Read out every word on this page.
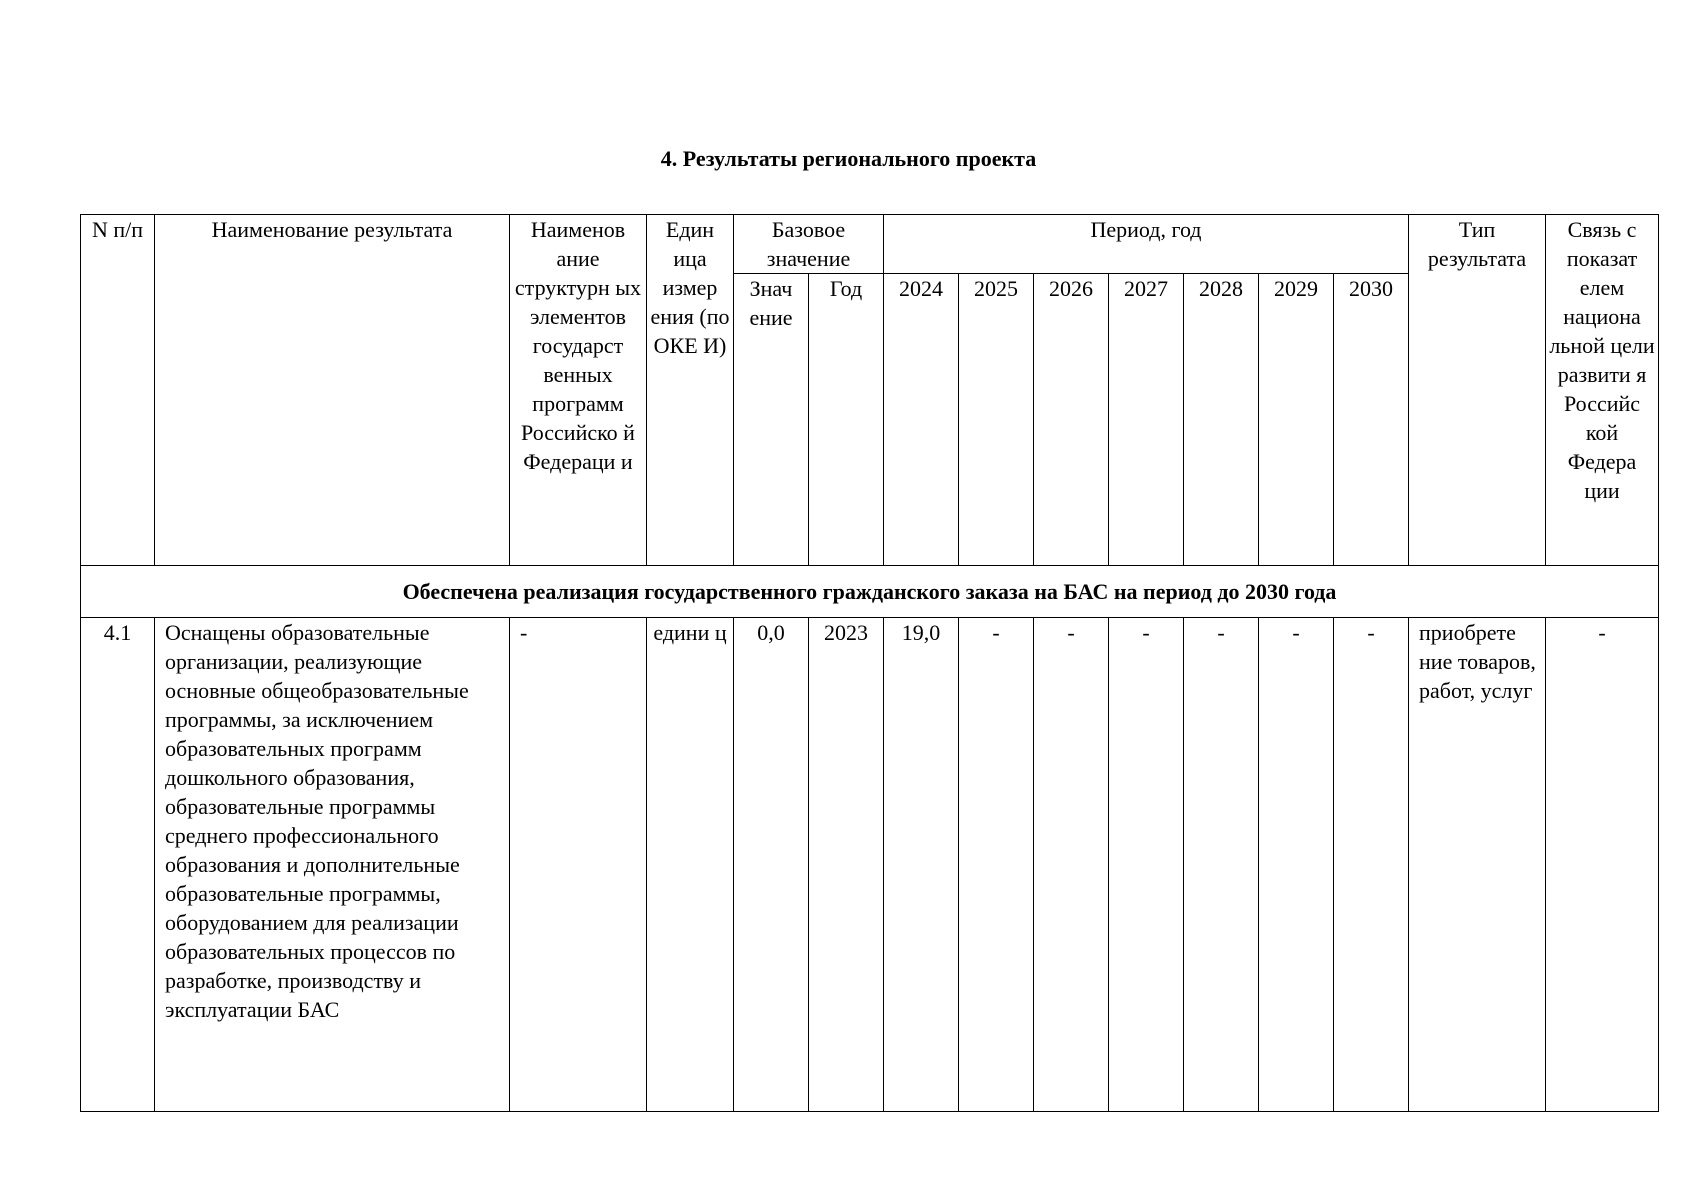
4. Результаты регионального проекта
N п/п	Наименование результата	Наименов ание структурн ых элементов государст венных программ Российско й Федераци и	Един ица измер ения (по ОКЕ И)	Базовое значение		Период, год							Тип результата	Связь с показат елем национа льной цели развити я Российс кой Федера ции
				Знач ение	Год	2024	2025	2026	2027	2028	2029	2030		
Обеспечена реализация государственного гражданского заказа на БАС на период до 2030 года														
4.1	Оснащены образовательные организации, реализующие основные общеобразовательные программы, за исключением образовательных программ дошкольного образования, образовательные программы среднего профессионального образования и дополнительные образовательные программы, оборудованием для реализации образовательных процессов по разработке, производству и эксплуатации БАС	-	едини ц	0,0	2023	19,0	-	-	-	-	-	-	приобрете ние товаров, работ, услуг	-
